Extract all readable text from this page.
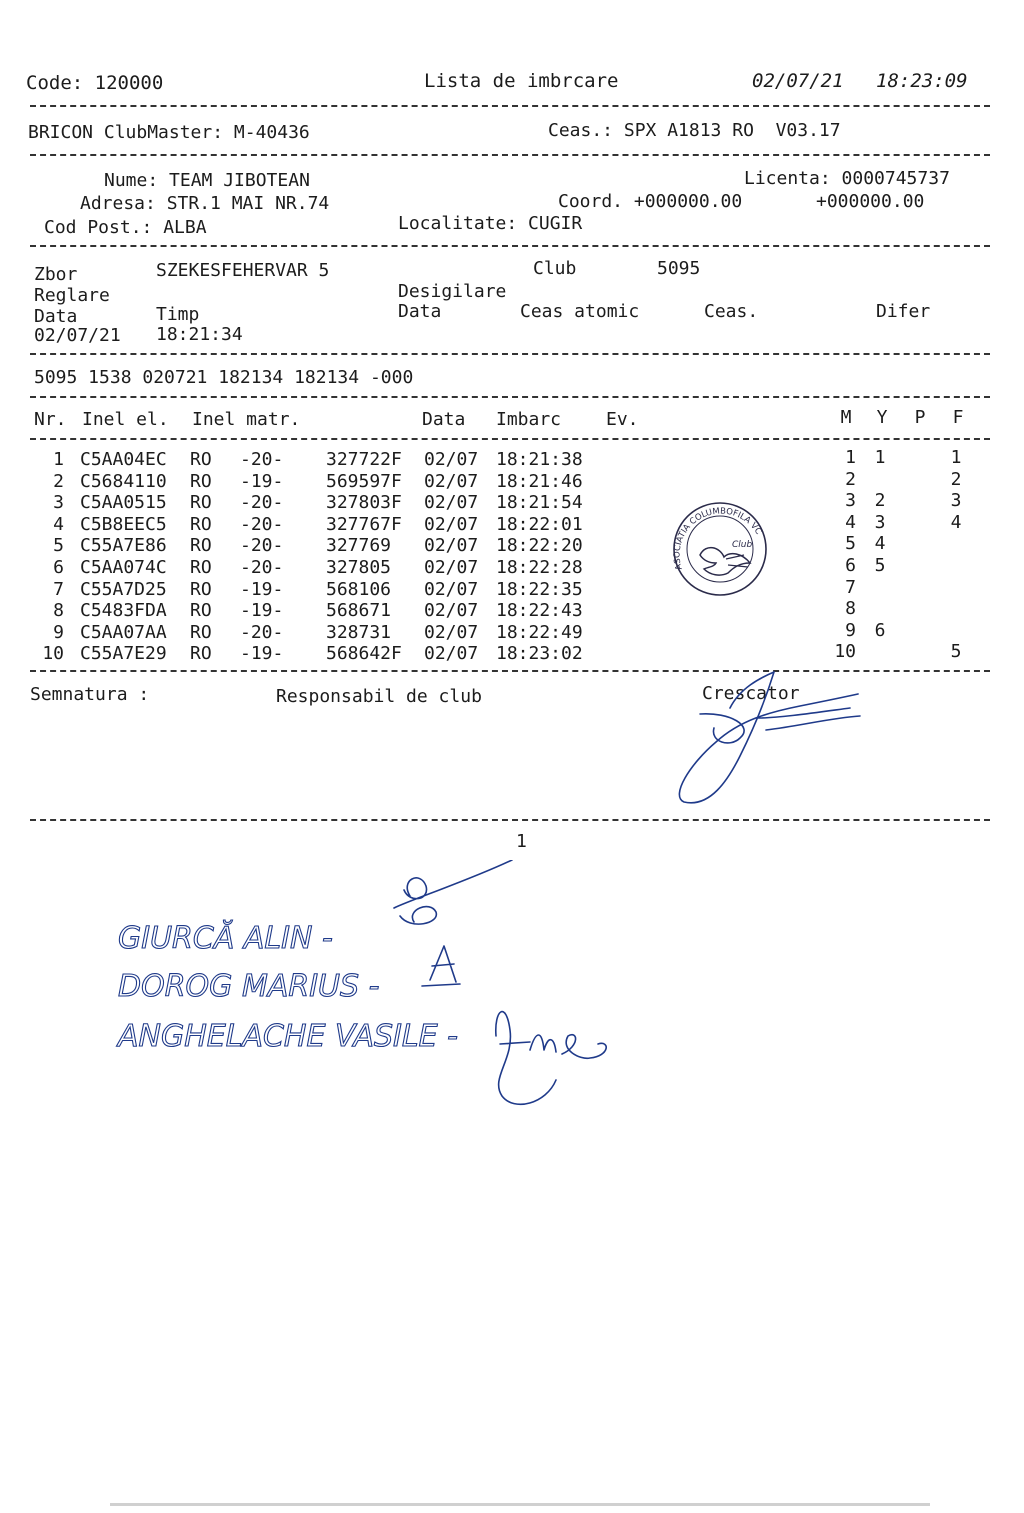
Code: 120000	Lista de imbrcare	02/07/21 18:23:09
BRICON ClubMaster: M-40436	Ceas.: SPX A1813 RO  V03.17
Nume: TEAM JIBOTEAN	Licenta: 0000745737
Adresa: STR.1 MAI NR.74	Coord. +000000.00	+000000.00
Cod Post.: ALBA	Localitate: CUGIR
Zbor	SZEKESFEHERVAR 5	Club	5095
Reglare	Desigilare
Data	Timp	Data	Ceas atomic	Ceas.	Difer
02/07/21 18:21:34
5095 1538 020721 182134 182134 -000
Nr. Inel el. Inel matr.	Data Imbarc Ev.	M Y P F
1 C5AA04EC RO -20- 327722F 02/07 18:21:38	1 1	1
2 C5684110 RO -19- 569597F 02/07 18:21:46	2	2
3 C5AA0515 RO -20- 327803F 02/07 18:21:54	3 2	3
4 C5B8EEC5 RO -20- 327767F 02/07 18:22:01	4 3	4
5 C55A7E86 RO -20- 327769 02/07 18:22:20	5 4
6 C5AA074C RO -20- 327805 02/07 18:22:28	6 5
7 C55A7D25 RO -19- 568106 02/07 18:22:35	7
8 C5483FDA RO -19- 568671 02/07 18:22:43	8
9 C5AA07AA RO -20- 328731 02/07 18:22:49	9 6
10 C55A7E29 RO -19- 568642F 02/07 18:23:02	10	5
ASOCIATIA COLUMBOFILA VC
Club
Semnatura :	Responsabil de club	Crescator
1
GIURCĂ ALIN -
DOROG MARIUS -
ANGHELACHE VASILE -
